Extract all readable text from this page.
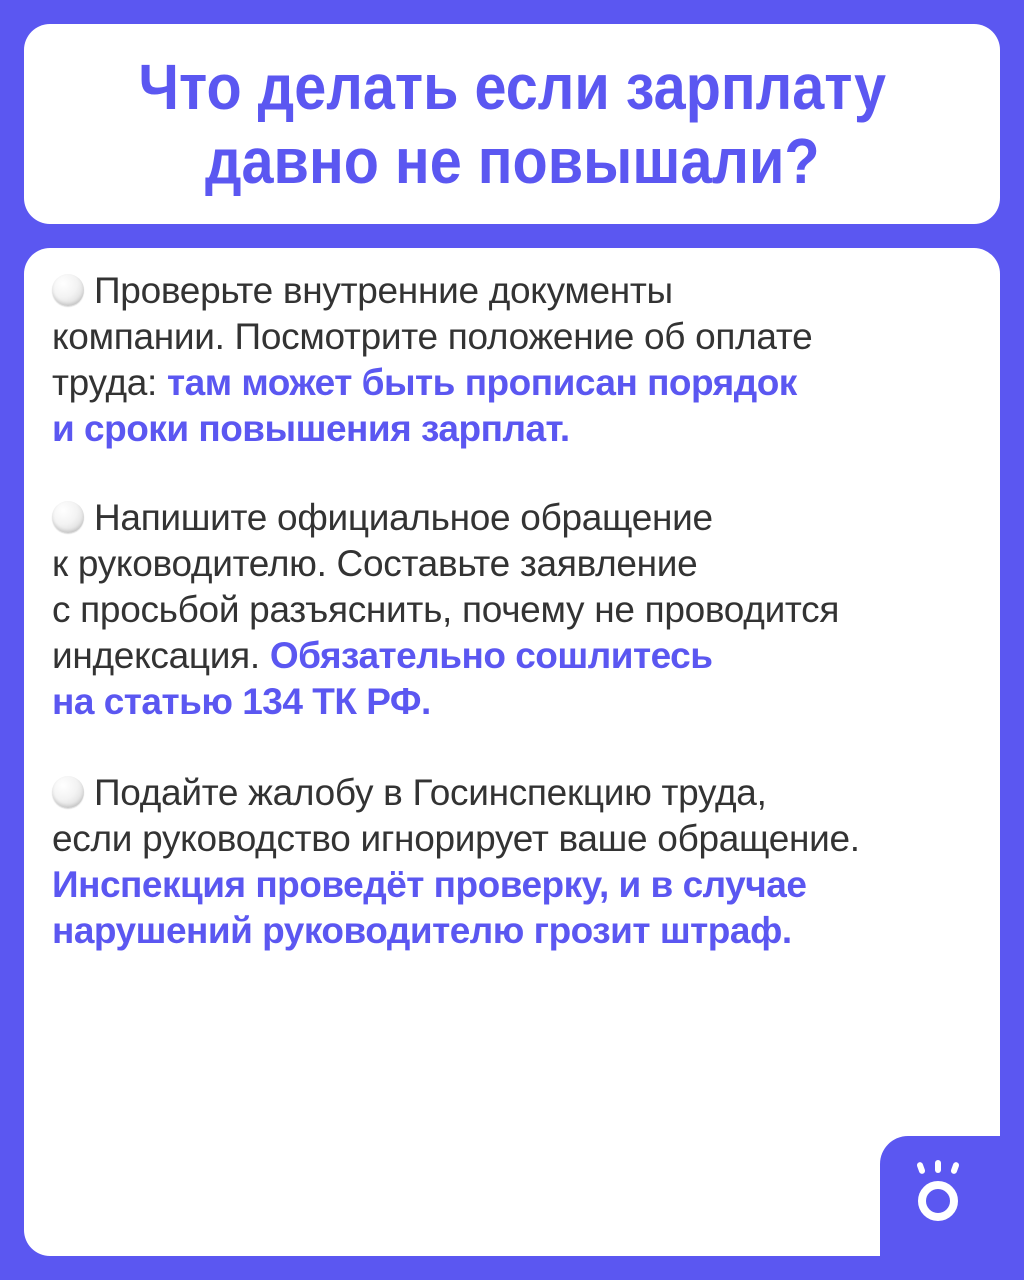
Что делать если зарплату
давно не повышали?

Проверьте внутренние документы
компании. Посмотрите положение об оплате
труда: там может быть прописан порядок
и сроки повышения зарплат.

Напишите официальное обращение
к руководителю. Составьте заявление
с просьбой разъяснить, почему не проводится
индексация. Обязательно сошлитесь
на статью 134 ТК РФ.

Подайте жалобу в Госинспекцию труда,
если руководство игнорирует ваше обращение.
Инспекция проведёт проверку, и в случае
нарушений руководителю грозит штраф.
